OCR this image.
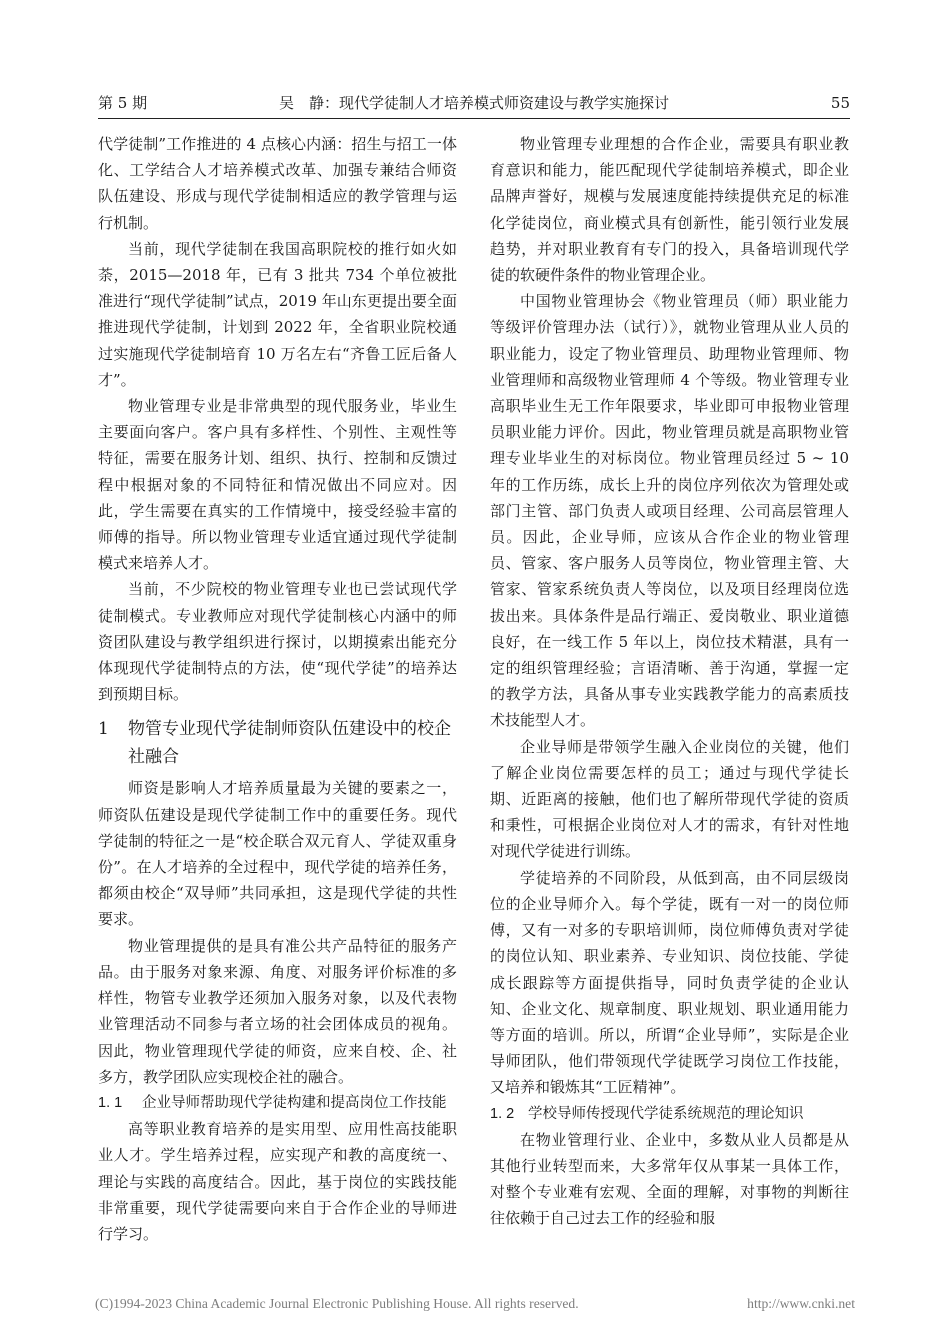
第 5 期	吴　静：现代学徒制人才培养模式师资建设与教学实施探讨	55

代学徒制”工作推进的 4 点核心内涵：招生与招工一体化、工学结合人才培养模式改革、加强专兼结合师资队伍建设、形成与现代学徒制相适应的教学管理与运行机制。

当前，现代学徒制在我国高职院校的推行如火如荼，2015—2018 年，已有 3 批共 734 个单位被批准进行“现代学徒制”试点，2019 年山东更提出要全面推进现代学徒制，计划到 2022 年，全省职业院校通过实施现代学徒制培育 10 万名左右“齐鲁工匠后备人才”。

物业管理专业是非常典型的现代服务业，毕业生主要面向客户。客户具有多样性、个别性、主观性等特征，需要在服务计划、组织、执行、控制和反馈过程中根据对象的不同特征和情况做出不同应对。因此，学生需要在真实的工作情境中，接受经验丰富的师傅的指导。所以物业管理专业适宜通过现代学徒制模式来培养人才。

当前，不少院校的物业管理专业也已尝试现代学徒制模式。专业教师应对现代学徒制核心内涵中的师资团队建设与教学组织进行探讨，以期摸索出能充分体现现代学徒制特点的方法，使“现代学徒”的培养达到预期目标。

1	物管专业现代学徒制师资队伍建设中的校企社融合

师资是影响人才培养质量最为关键的要素之一，师资队伍建设是现代学徒制工作中的重要任务。现代学徒制的特征之一是“校企联合双元育人、学徒双重身份”。在人才培养的全过程中，现代学徒的培养任务，都须由校企“双导师”共同承担，这是现代学徒的共性要求。

物业管理提供的是具有准公共产品特征的服务产品。由于服务对象来源、角度、对服务评价标准的多样性，物管专业教学还须加入服务对象，以及代表物业管理活动不同参与者立场的社会团体成员的视角。因此，物业管理现代学徒的师资，应来自校、企、社多方，教学团队应实现校企社的融合。

1. 1	企业导师帮助现代学徒构建和提高岗位工作技能

高等职业教育培养的是实用型、应用性高技能职业人才。学生培养过程，应实现产和教的高度统一、理论与实践的高度结合。因此，基于岗位的实践技能非常重要，现代学徒需要向来自于合作企业的导师进行学习。

物业管理专业理想的合作企业，需要具有职业教育意识和能力，能匹配现代学徒制培养模式，即企业品牌声誉好，规模与发展速度能持续提供充足的标准化学徒岗位，商业模式具有创新性，能引领行业发展趋势，并对职业教育有专门的投入，具备培训现代学徒的软硬件条件的物业管理企业。

中国物业管理协会《物业管理员（师）职业能力等级评价管理办法（试行）》，就物业管理从业人员的职业能力，设定了物业管理员、助理物业管理师、物业管理师和高级物业管理师 4 个等级。物业管理专业高职毕业生无工作年限要求，毕业即可申报物业管理员职业能力评价。因此，物业管理员就是高职物业管理专业毕业生的对标岗位。物业管理员经过 5 ~ 10 年的工作历练，成长上升的岗位序列依次为管理处或部门主管、部门负责人或项目经理、公司高层管理人员。因此，企业导师，应该从合作企业的物业管理员、管家、客户服务人员等岗位，物业管理主管、大管家、管家系统负责人等岗位，以及项目经理岗位选拔出来。具体条件是品行端正、爱岗敬业、职业道德良好，在一线工作 5 年以上，岗位技术精湛，具有一定的组织管理经验；言语清晰、善于沟通，掌握一定的教学方法，具备从事专业实践教学能力的高素质技术技能型人才。

企业导师是带领学生融入企业岗位的关键，他们了解企业岗位需要怎样的员工；通过与现代学徒长期、近距离的接触，他们也了解所带现代学徒的资质和秉性，可根据企业岗位对人才的需求，有针对性地对现代学徒进行训练。

学徒培养的不同阶段，从低到高，由不同层级岗位的企业导师介入。每个学徒，既有一对一的岗位师傅，又有一对多的专职培训师，岗位师傅负责对学徒的岗位认知、职业素养、专业知识、岗位技能、学徒成长跟踪等方面提供指导，同时负责学徒的企业认知、企业文化、规章制度、职业规划、职业通用能力等方面的培训。所以，所谓“企业导师”，实际是企业导师团队，他们带领现代学徒既学习岗位工作技能，又培养和锻炼其“工匠精神”。

1. 2 学校导师传授现代学徒系统规范的理论知识

在物业管理行业、企业中，多数从业人员都是从其他行业转型而来，大多常年仅从事某一具体工作，对整个专业难有宏观、全面的理解，对事物的判断往往依赖于自己过去工作的经验和服

(C)1994-2023 China Academic Journal Electronic Publishing House. All rights reserved.	http://www.cnki.net
